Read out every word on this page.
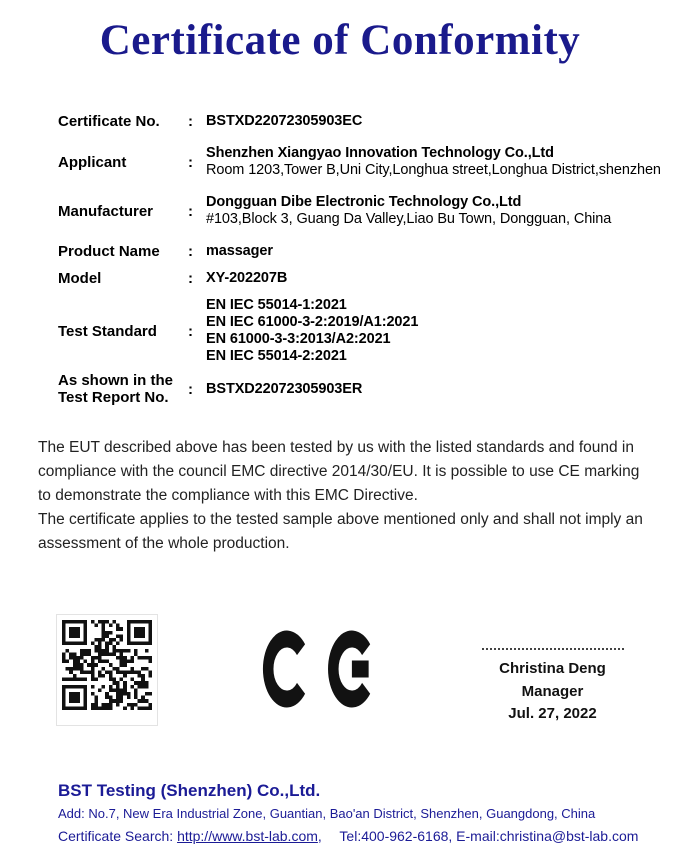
Certificate of Conformity
Certificate No.	: BSTXD22072305903EC
Applicant	:
Shenzhen Xiangyao Innovation Technology Co.,Ltd
Room 1203,Tower B,Uni City,Longhua street,Longhua District,shenzhen
Manufacturer	:
Dongguan Dibe Electronic Technology Co.,Ltd
#103,Block 3, Guang Da Valley,Liao Bu Town, Dongguan, China
Product Name	: massager
Model	: XY-202207B
Test Standard	:
EN IEC 55014-1:2021
EN IEC 61000-3-2:2019/A1:2021
EN 61000-3-3:2013/A2:2021
EN IEC 55014-2:2021
As shown in the
Test Report No.	: BSTXD22072305903ER

The EUT described above has been tested by us with the listed standards and found in compliance with the council EMC directive 2014/30/EU. It is possible to use CE marking to demonstrate the compliance with this EMC Directive.

The certificate applies to the tested sample above mentioned only and shall not imply an assessment of the whole production.

Christina Deng
Manager
Jul. 27, 2022
BST Testing (Shenzhen) Co.,Ltd.
Add: No.7, New Era Industrial Zone, Guantian, Bao'an District, Shenzhen, Guangdong, China
Certificate Search: http://www.bst-lab.com, Tel:400-962-6168, E-mail:christina@bst-lab.com
